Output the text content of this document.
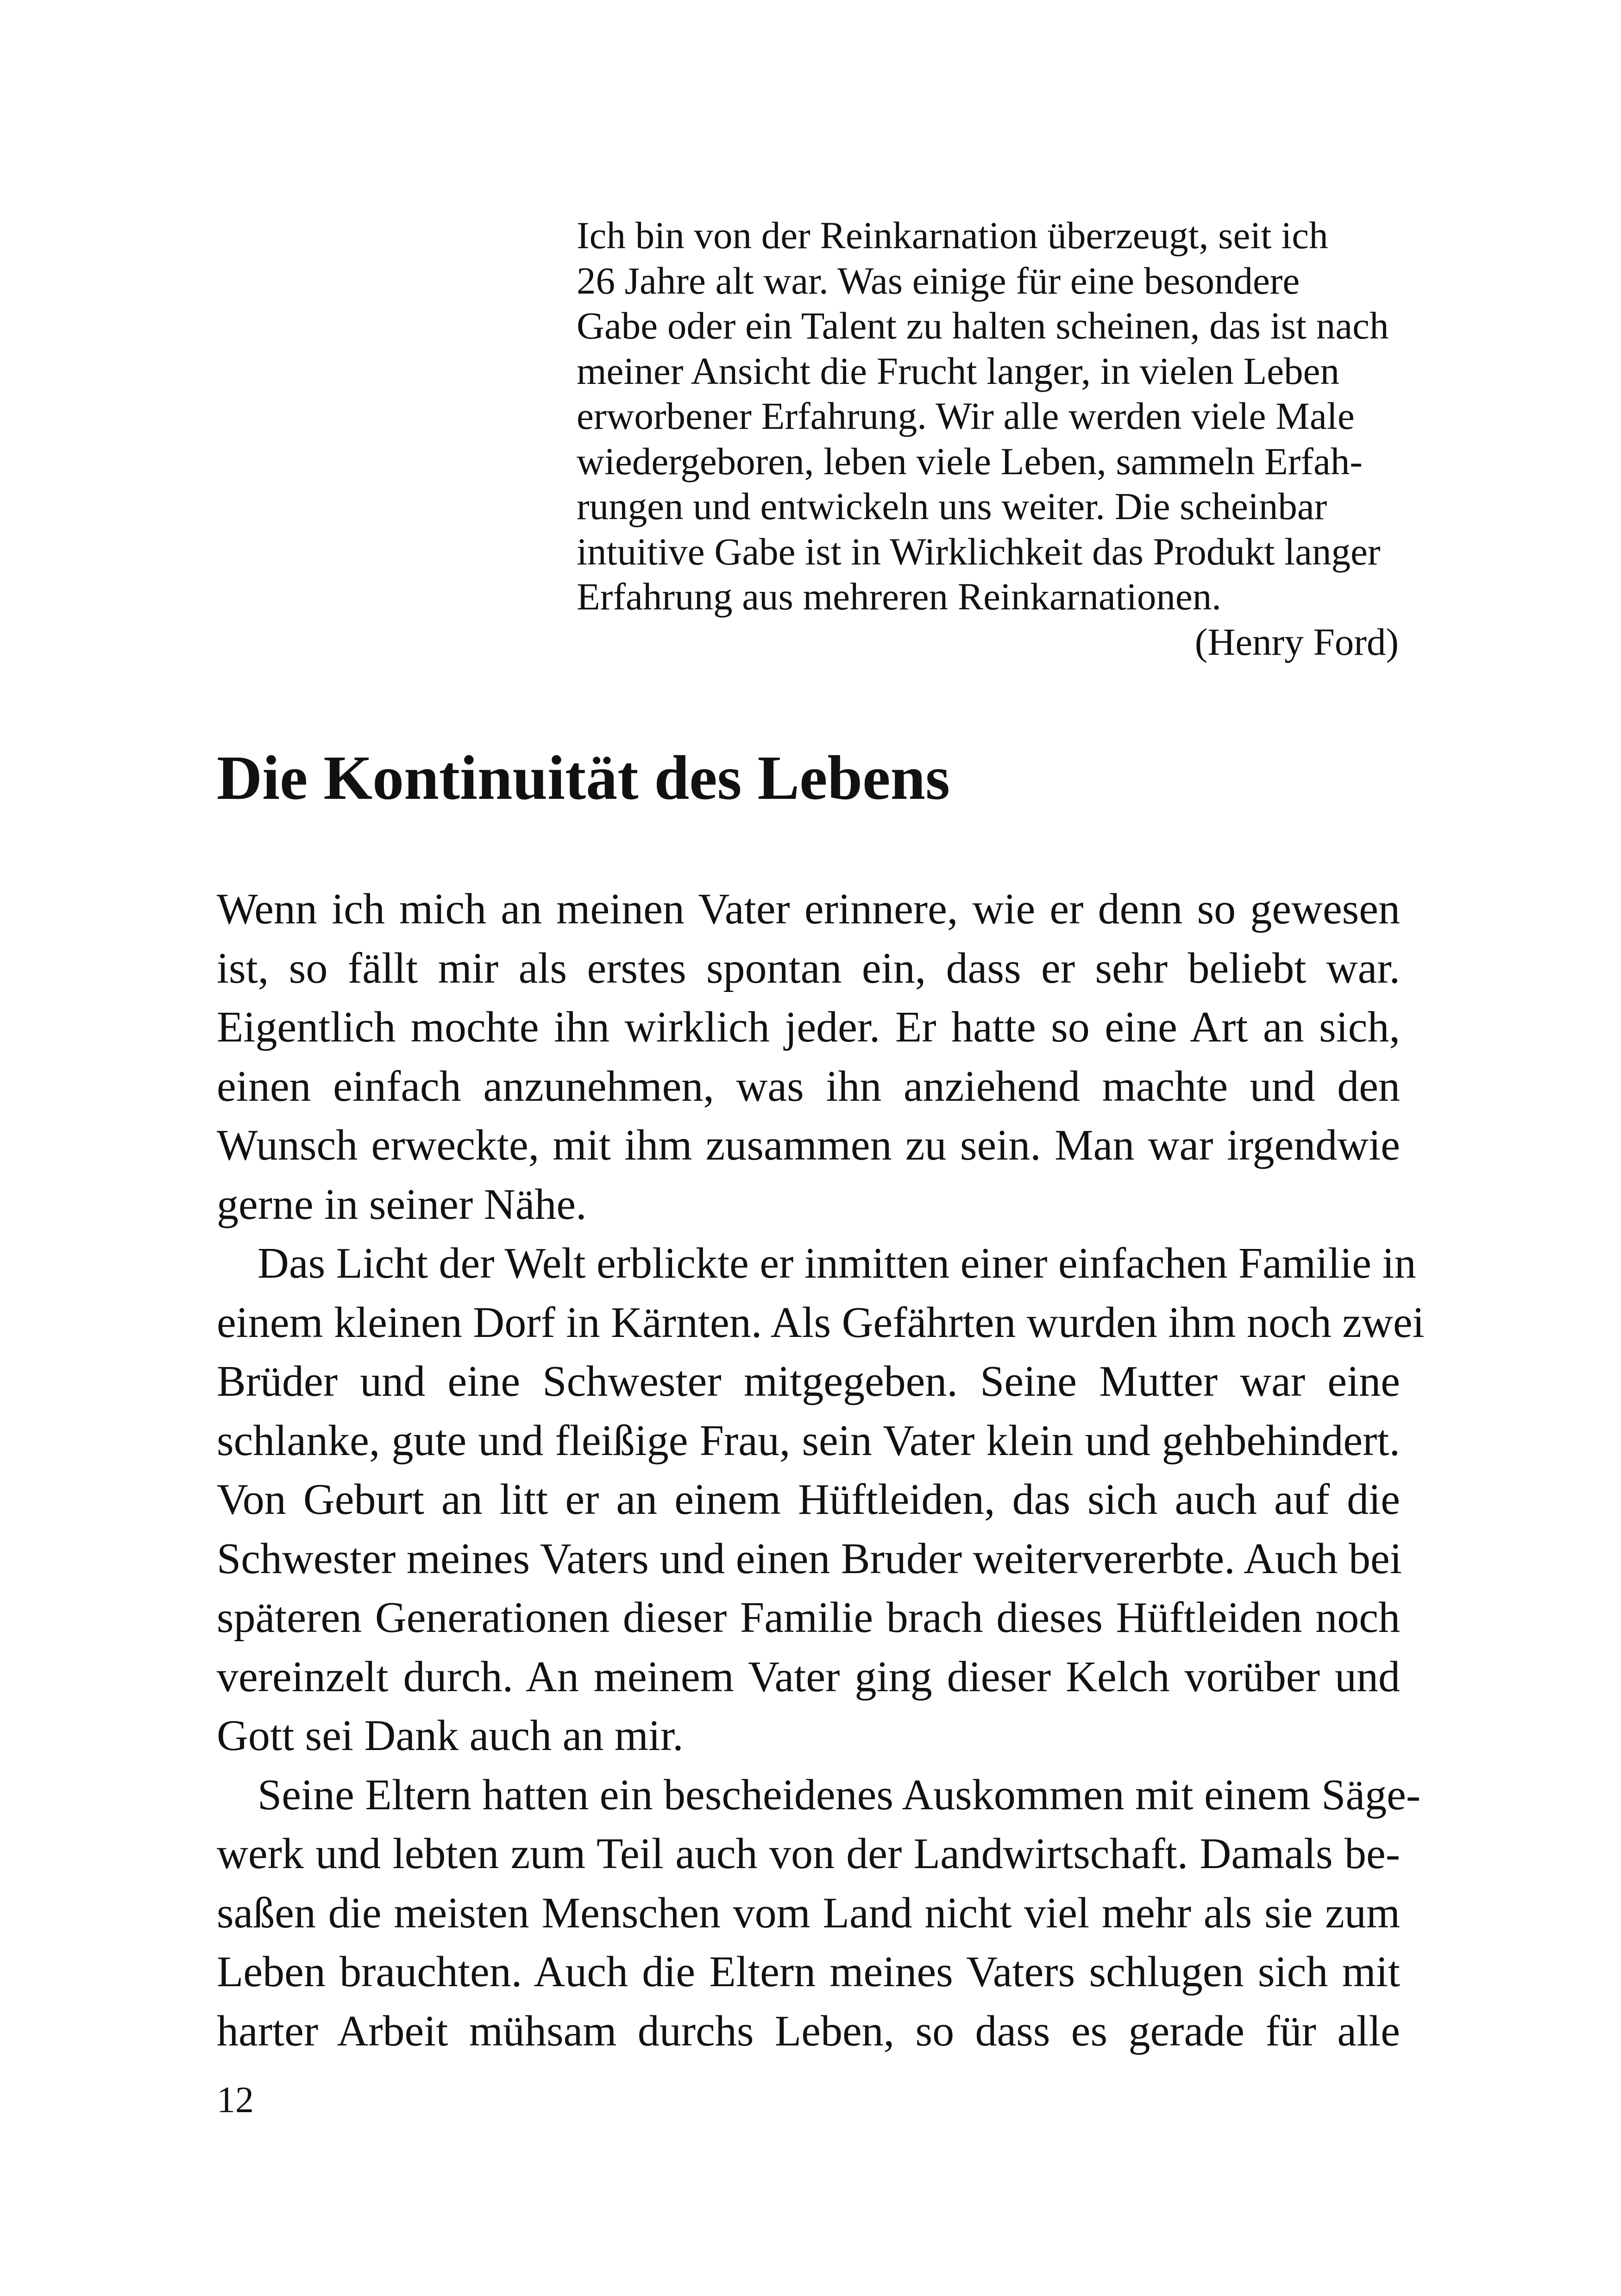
Ich bin von der Reinkarnation überzeugt, seit ich
26 Jahre alt war. Was einige für eine besondere
Gabe oder ein Talent zu halten scheinen, das ist nach
meiner Ansicht die Frucht langer, in vielen Leben
erworbener Erfahrung. Wir alle werden viele Male
wiedergeboren, leben viele Leben, sammeln Erfah-
rungen und entwickeln uns weiter. Die scheinbar
intuitive Gabe ist in Wirklichkeit das Produkt langer
Erfahrung aus mehreren Reinkarnationen.
(Henry Ford)
Die Kontinuität des Lebens
Wenn ich mich an meinen Vater erinnere, wie er denn so gewesen
ist, so fällt mir als erstes spontan ein, dass er sehr beliebt war.
Eigentlich mochte ihn wirklich jeder. Er hatte so eine Art an sich,
einen einfach anzunehmen, was ihn anziehend machte und den
Wunsch erweckte, mit ihm zusammen zu sein. Man war irgendwie
gerne in seiner Nähe.
Das Licht der Welt erblickte er inmitten einer einfachen Familie in
einem kleinen Dorf in Kärnten. Als Gefährten wurden ihm noch zwei
Brüder und eine Schwester mitgegeben. Seine Mutter war eine
schlanke, gute und fleißige Frau, sein Vater klein und gehbehindert.
Von Geburt an litt er an einem Hüftleiden, das sich auch auf die
Schwester meines Vaters und einen Bruder weitervererbte. Auch bei
späteren Generationen dieser Familie brach dieses Hüftleiden noch
vereinzelt durch. An meinem Vater ging dieser Kelch vorüber und
Gott sei Dank auch an mir.
Seine Eltern hatten ein bescheidenes Auskommen mit einem Säge-
werk und lebten zum Teil auch von der Landwirtschaft. Damals be-
saßen die meisten Menschen vom Land nicht viel mehr als sie zum
Leben brauchten. Auch die Eltern meines Vaters schlugen sich mit
harter Arbeit mühsam durchs Leben, so dass es gerade für alle
12
